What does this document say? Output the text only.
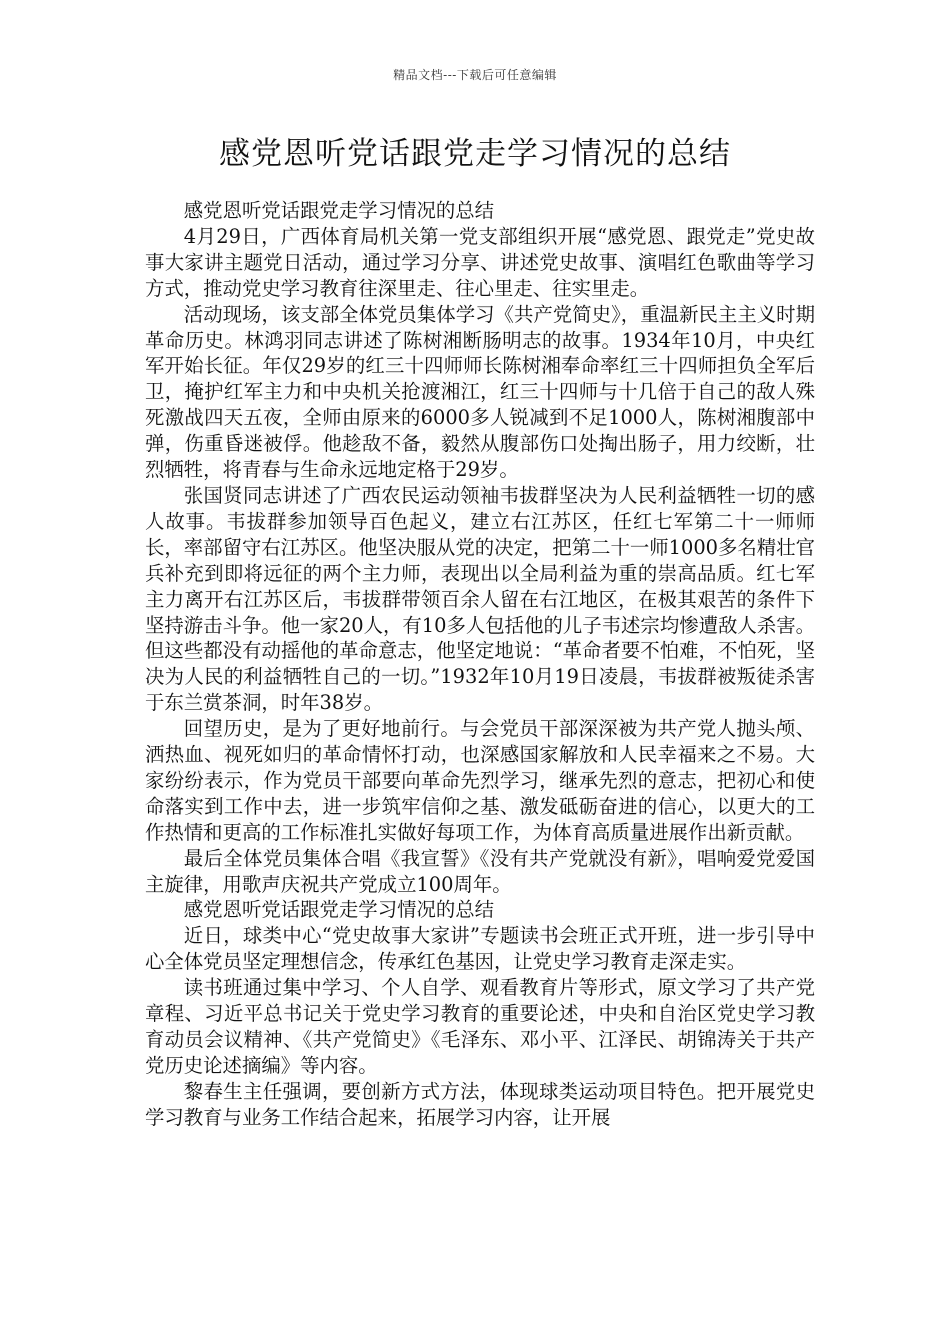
精品文档---下载后可任意编辑
感党恩听党话跟党走学习情况的总结

感党恩听党话跟党走学习情况的总结

4月29日，广西体育局机关第一党支部组织开展“感党恩、跟党走”党史故事大家讲主题党日活动，通过学习分享、讲述党史故事、演唱红色歌曲等学习方式，推动党史学习教育往深里走、往心里走、往实里走。

活动现场，该支部全体党员集体学习《共产党简史》，重温新民主主义时期革命历史。林鸿羽同志讲述了陈树湘断肠明志的故事。1934年10月，中央红军开始长征。年仅29岁的红三十四师师长陈树湘奉命率红三十四师担负全军后卫，掩护红军主力和中央机关抢渡湘江，红三十四师与十几倍于自己的敌人殊死激战四天五夜，全师由原来的6000多人锐减到不足1000人，陈树湘腹部中弹，伤重昏迷被俘。他趁敌不备，毅然从腹部伤口处掏出肠子，用力绞断，壮烈牺牲，将青春与生命永远地定格于29岁。

张国贤同志讲述了广西农民运动领袖韦拔群坚决为人民利益牺牲一切的感人故事。韦拔群参加领导百色起义，建立右江苏区，任红七军第二十一师师长，率部留守右江苏区。他坚决服从党的决定，把第二十一师1000多名精壮官兵补充到即将远征的两个主力师，表现出以全局利益为重的崇高品质。红七军主力离开右江苏区后，韦拔群带领百余人留在右江地区，在极其艰苦的条件下坚持游击斗争。他一家20人，有10多人包括他的儿子韦述宗均惨遭敌人杀害。但这些都没有动摇他的革命意志，他坚定地说：“革命者要不怕难，不怕死，坚决为人民的利益牺牲自己的一切。”1932年10月19日凌晨，韦拔群被叛徒杀害于东兰赏茶洞，时年38岁。

回望历史，是为了更好地前行。与会党员干部深深被为共产党人抛头颅、洒热血、视死如归的革命情怀打动，也深感国家解放和人民幸福来之不易。大家纷纷表示，作为党员干部要向革命先烈学习，继承先烈的意志，把初心和使命落实到工作中去，进一步筑牢信仰之基、激发砥砺奋进的信心，以更大的工作热情和更高的工作标准扎实做好每项工作，为体育高质量进展作出新贡献。

最后全体党员集体合唱《我宣誓》《没有共产党就没有新》，唱响爱党爱国主旋律，用歌声庆祝共产党成立100周年。

感党恩听党话跟党走学习情况的总结

近日，球类中心“党史故事大家讲”专题读书会班正式开班，进一步引导中心全体党员坚定理想信念，传承红色基因，让党史学习教育走深走实。

读书班通过集中学习、个人自学、观看教育片等形式，原文学习了共产党章程、习近平总书记关于党史学习教育的重要论述，中央和自治区党史学习教育动员会议精神、《共产党简史》《毛泽东、邓小平、江泽民、胡锦涛关于共产党历史论述摘编》等内容。

黎春生主任强调，要创新方式方法，体现球类运动项目特色。把开展党史学习教育与业务工作结合起来，拓展学习内容，让开展
